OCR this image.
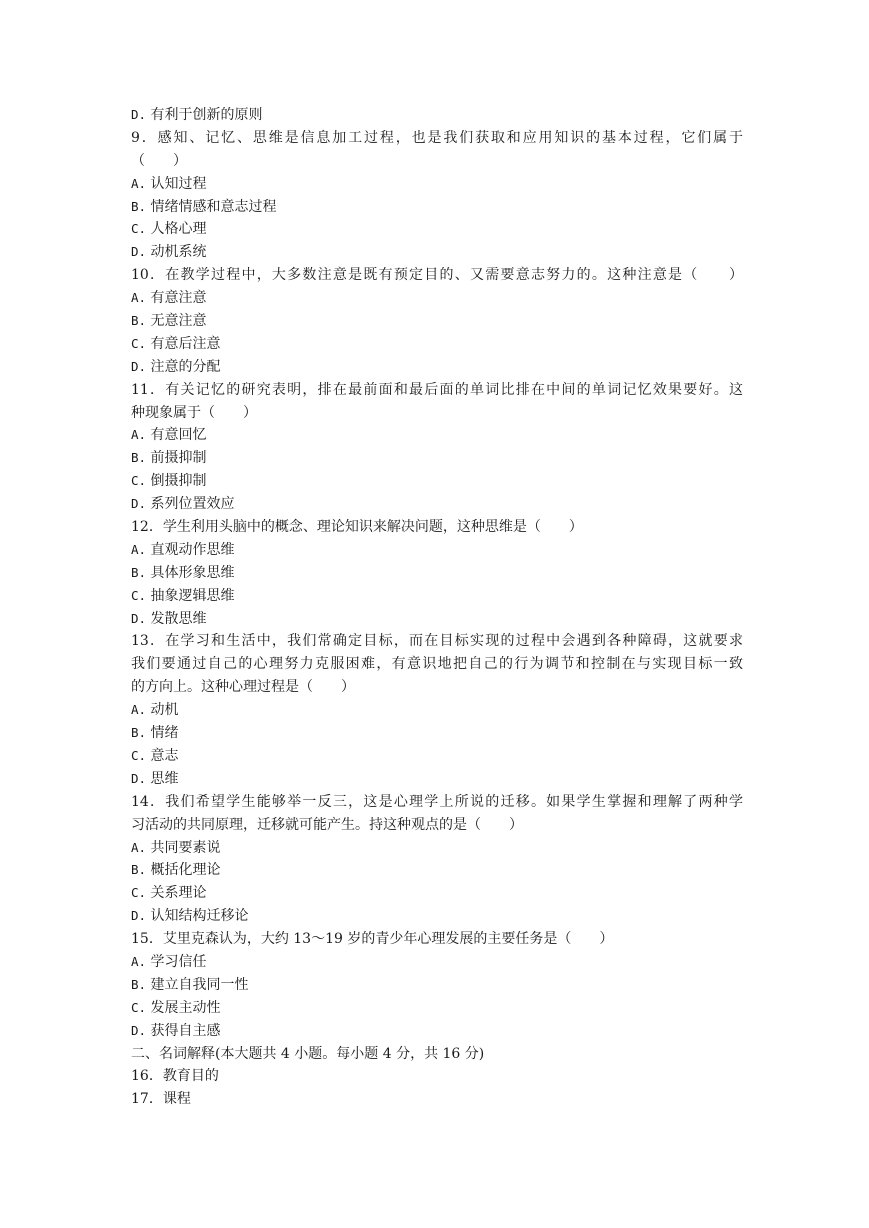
D. 有利于创新的原则
9．感知、记忆、思维是信息加工过程，也是我们获取和应用知识的基本过程，它们属于
（　　）
A. 认知过程
B. 情绪情感和意志过程
C. 人格心理
D. 动机系统
10．在教学过程中，大多数注意是既有预定目的、又需要意志努力的。这种注意是（　　）
A. 有意注意
B. 无意注意
C. 有意后注意
D. 注意的分配
11．有关记忆的研究表明，排在最前面和最后面的单词比排在中间的单词记忆效果要好。这
种现象属于（　　）
A. 有意回忆
B. 前摄抑制
C. 倒摄抑制
D. 系列位置效应
12．学生利用头脑中的概念、理论知识来解决问题，这种思维是（　　）
A. 直观动作思维
B. 具体形象思维
C. 抽象逻辑思维
D. 发散思维
13．在学习和生活中，我们常确定目标，而在目标实现的过程中会遇到各种障碍，这就要求
我们要通过自己的心理努力克服困难，有意识地把自己的行为调节和控制在与实现目标一致
的方向上。这种心理过程是（　　）
A. 动机
B. 情绪
C. 意志
D. 思维
14．我们希望学生能够举一反三，这是心理学上所说的迁移。如果学生掌握和理解了两种学
习活动的共同原理，迁移就可能产生。持这种观点的是（　　）
A. 共同要素说
B. 概括化理论
C. 关系理论
D. 认知结构迁移论
15．艾里克森认为，大约 13～19 岁的青少年心理发展的主要任务是（　　）
A. 学习信任
B. 建立自我同一性
C. 发展主动性
D. 获得自主感
二、名词解释(本大题共 4 小题。每小题 4 分，共 16 分)
16．教育目的
17．课程
